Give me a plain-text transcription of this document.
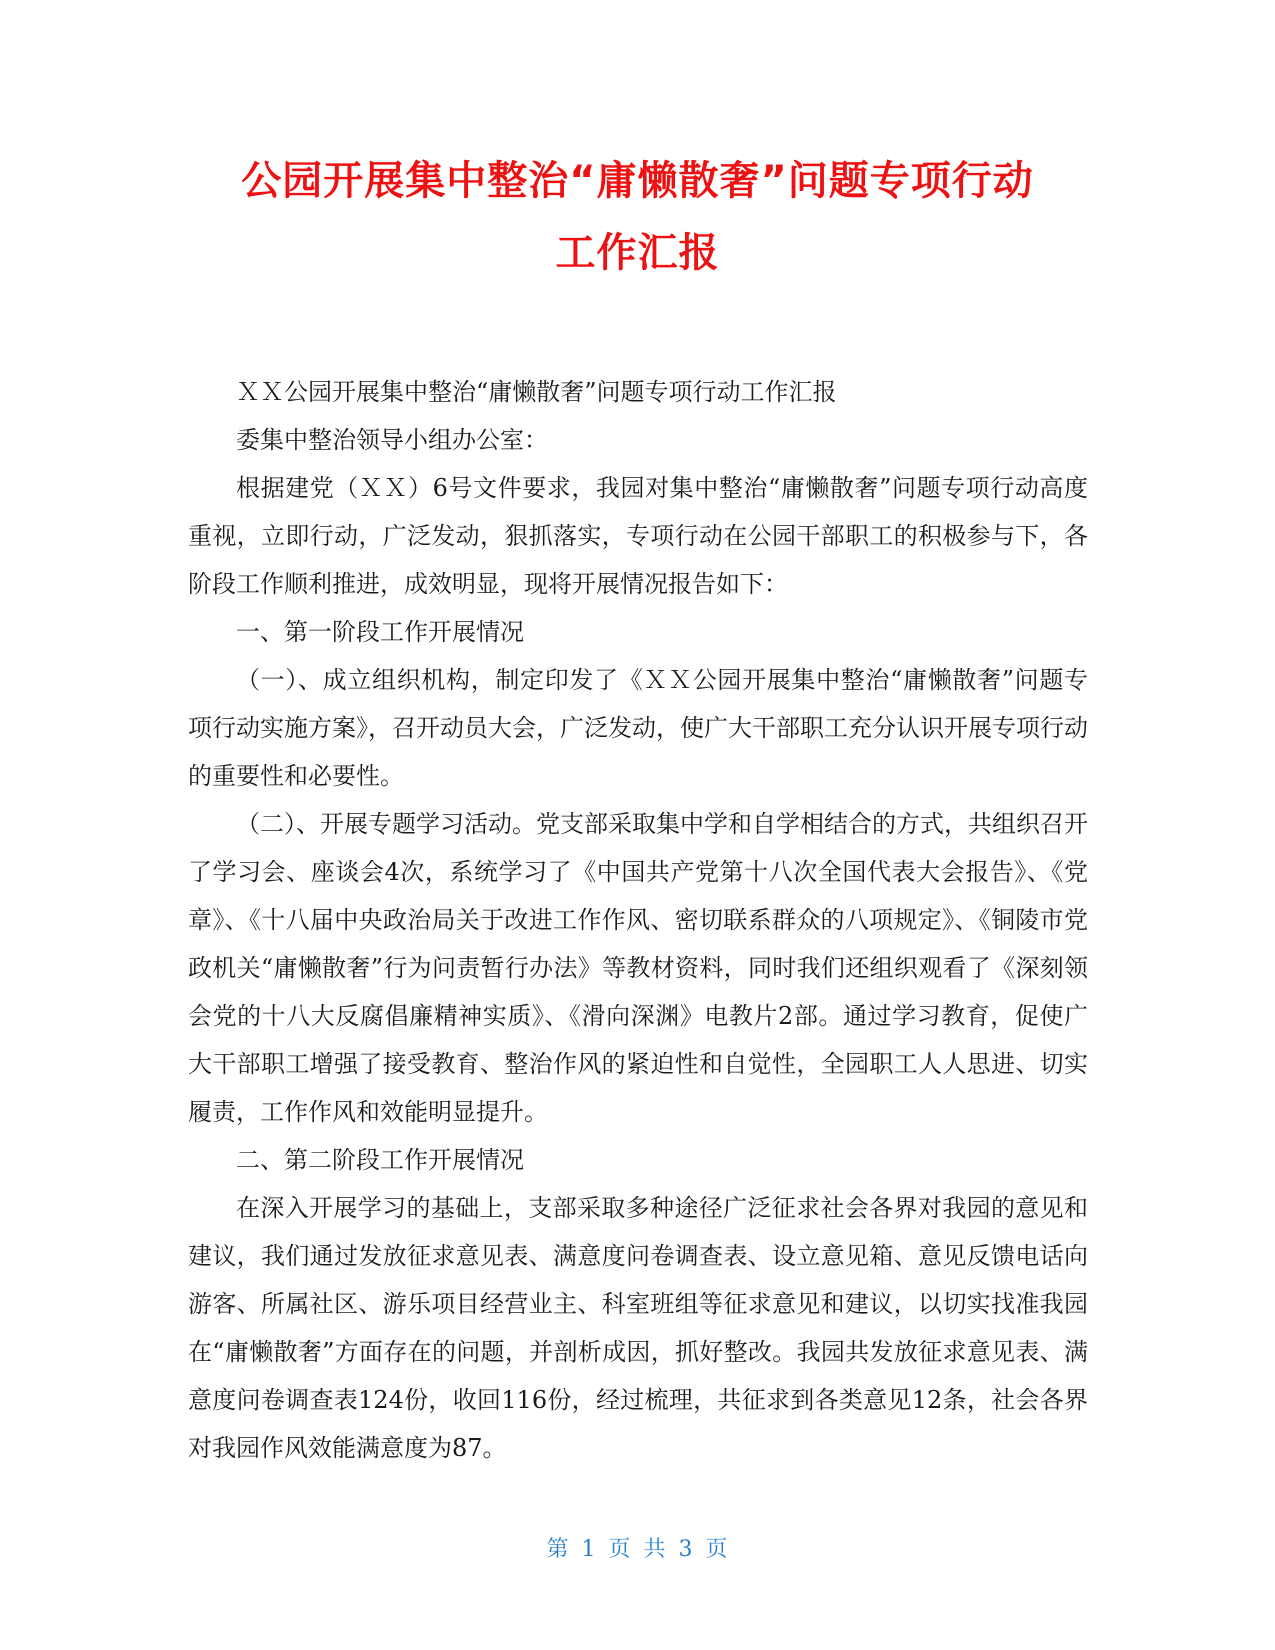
公园开展集中整治“庸懒散奢”问题专项行动
工作汇报

ＸＸ公园开展集中整治“庸懒散奢”问题专项行动工作汇报

委集中整治领导小组办公室：

根据建党（ＸＸ）6号文件要求，我园对集中整治“庸懒散奢”问题专项行动高度重视，立即行动，广泛发动，狠抓落实，专项行动在公园干部职工的积极参与下，各阶段工作顺利推进，成效明显，现将开展情况报告如下：

一、第一阶段工作开展情况

（一）、成立组织机构，制定印发了《ＸＸ公园开展集中整治“庸懒散奢”问题专项行动实施方案》，召开动员大会，广泛发动，使广大干部职工充分认识开展专项行动的重要性和必要性。

（二）、开展专题学习活动。党支部采取集中学和自学相结合的方式，共组织召开了学习会、座谈会4次，系统学习了《中国共产党第十八次全国代表大会报告》、《党章》、《十八届中央政治局关于改进工作作风、密切联系群众的八项规定》、《铜陵市党政机关“庸懒散奢”行为问责暂行办法》等教材资料，同时我们还组织观看了《深刻领会党的十八大反腐倡廉精神实质》、《滑向深渊》电教片2部。通过学习教育，促使广大干部职工增强了接受教育、整治作风的紧迫性和自觉性，全园职工人人思进、切实履责，工作作风和效能明显提升。

二、第二阶段工作开展情况

在深入开展学习的基础上，支部采取多种途径广泛征求社会各界对我园的意见和建议，我们通过发放征求意见表、满意度问卷调查表、设立意见箱、意见反馈电话向游客、所属社区、游乐项目经营业主、科室班组等征求意见和建议，以切实找准我园在“庸懒散奢”方面存在的问题，并剖析成因，抓好整改。我园共发放征求意见表、满意度问卷调查表124份，收回116份，经过梳理，共征求到各类意见12条，社会各界对我园作风效能满意度为87。

第 1 页 共 3 页
